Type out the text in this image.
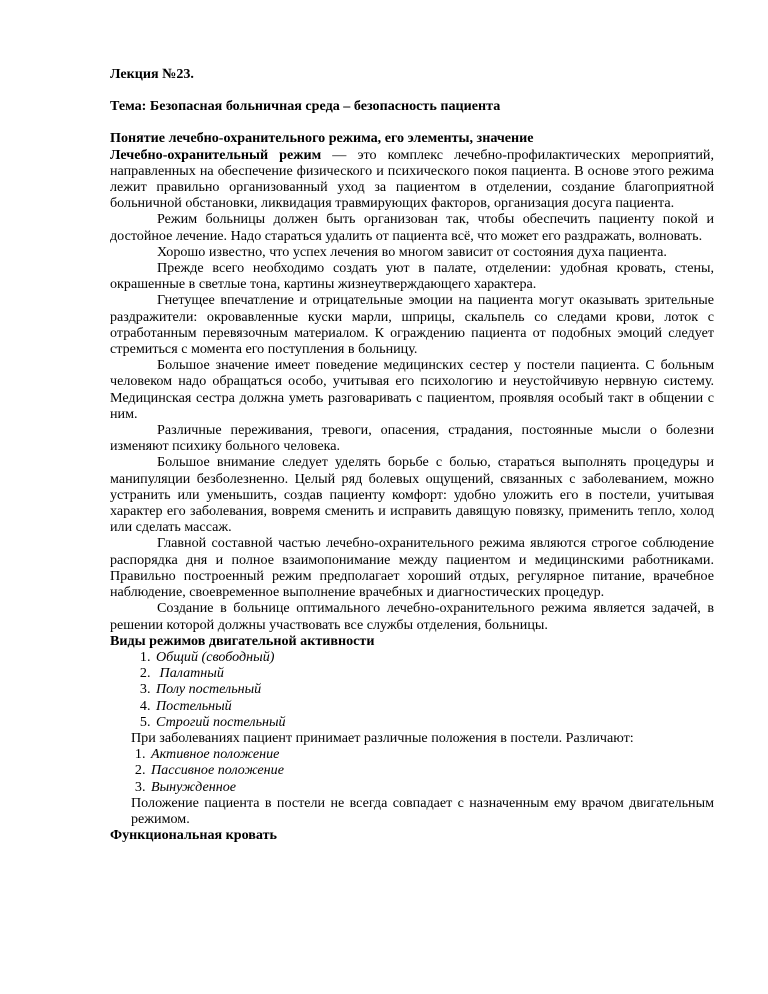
Лекция №23.

Тема: Безопасная больничная среда – безопасность пациента

Понятие лечебно-охранительного режима, его элементы, значение

Лечебно-охранительный режим — это комплекс лечебно-профилактических мероприятий, направленных на обеспечение физического и психического покоя пациента. В основе этого режима лежит правильно организованный уход за пациентом в отделении, создание благоприятной больничной обстановки, ликвидация травмирующих факторов, организация досуга пациента.

Режим больницы должен быть организован так, чтобы обеспечить пациенту покой и достойное лечение. Надо стараться удалить от пациента всё, что может его раздражать, волновать.

Хорошо известно, что успех лечения во многом зависит от состояния духа пациента.

Прежде всего необходимо создать уют в палате, отделении: удобная кровать, стены, окрашенные в светлые тона, картины жизнеутверждающего характера.

Гнетущее впечатление и отрицательные эмоции на пациента могут оказывать зрительные раздражители: окровавленные куски марли, шприцы, скальпель со следами крови, лоток с отработанным перевязочным материалом. К ограждению пациента от подобных эмоций следует стремиться с момента его поступления в больницу.

Большое значение имеет поведение медицинских сестер у постели пациента. С больным человеком надо обращаться особо, учитывая его психологию и неустойчивую нервную систему. Медицинская сестра должна уметь разговаривать с пациентом, проявляя особый такт в общении с ним.

Различные переживания, тревоги, опасения, страдания, постоянные мысли о болезни изменяют психику больного человека.

Большое внимание следует уделять борьбе с болью, стараться выполнять процедуры и манипуляции безболезненно. Целый ряд болевых ощущений, связанных с заболеванием, можно устранить или уменьшить, создав пациенту комфорт: удобно уложить его в постели, учитывая характер его заболевания, вовремя сменить и исправить давящую повязку, применить тепло, холод или сделать массаж.

Главной составной частью лечебно-охранительного режима являются строгое соблюдение распорядка дня и полное взаимопонимание между пациентом и медицинскими работниками. Правильно построенный режим предполагает хороший отдых, регулярное питание, врачебное наблюдение, своевременное выполнение врачебных и диагностических процедур.

Создание в больнице оптимального лечебно-охранительного режима является задачей, в решении которой должны участвовать все службы отделения, больницы.

Виды режимов двигательной активности

1. Общий (свободный)
2.  Палатный
3. Полу постельный
4. Постельный
5. Строгий постельный

При заболеваниях пациент принимает различные положения в постели. Различают:

1. Активное положение
2. Пассивное положение
3. Вынужденное

Положение пациента в постели не всегда совпадает с назначенным ему врачом двигательным режимом.

Функциональная кровать
